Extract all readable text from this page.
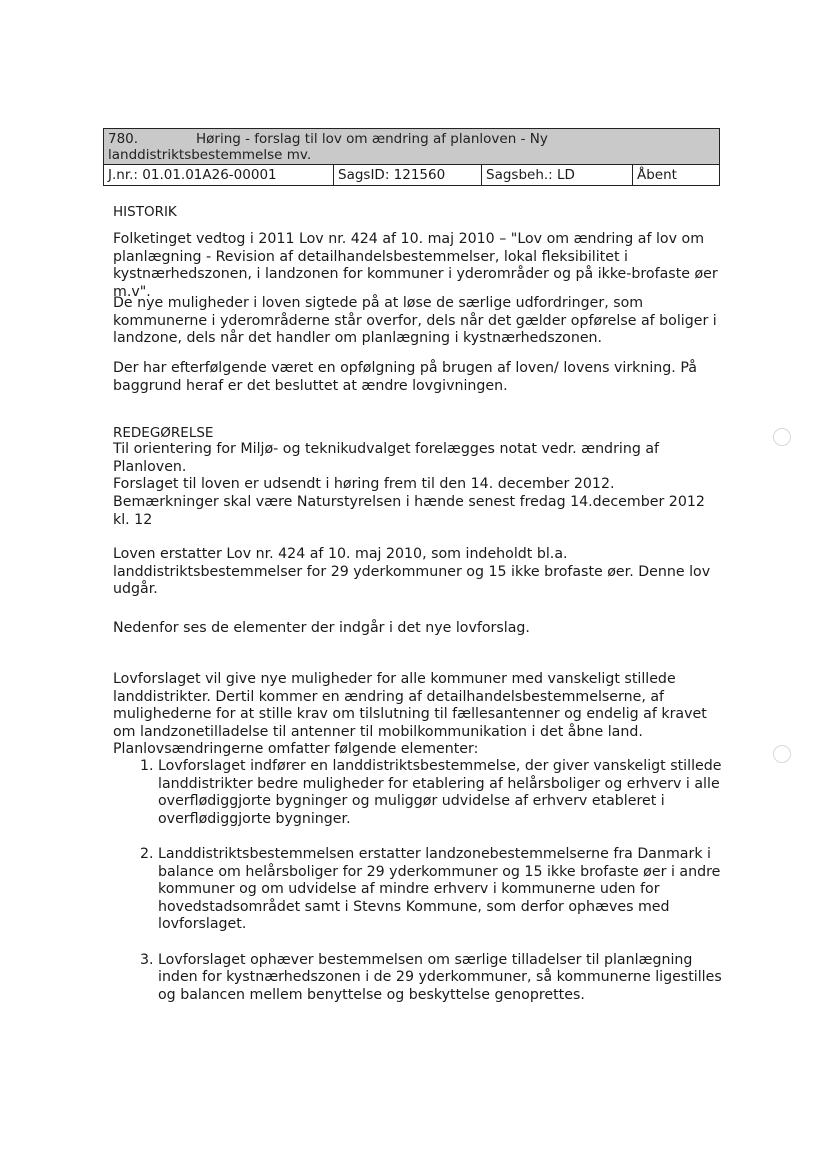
780.	Høring - forslag til lov om ændring af planloven - Ny landdistriktsbestemmelse mv.
J.nr.: 01.01.01A26-00001	SagsID: 121560	Sagsbeh.: LD	Åbent
HISTORIK

Folketinget vedtog i 2011 Lov nr. 424 af 10. maj 2010 – "Lov om ændring af lov om planlægning - Revision af detailhandelsbestemmelser, lokal fleksibilitet i kystnærhedszonen, i landzonen for kommuner i yderområder og på ikke-brofaste øer m.v".

De nye muligheder i loven sigtede på at løse de særlige udfordringer, som kommunerne i yderområderne står overfor, dels når det gælder opførelse af boliger i landzone, dels når det handler om planlægning i kystnærhedszonen.

Der har efterfølgende været en opfølgning på brugen af loven/ lovens virkning. På baggrund heraf er det besluttet at ændre lovgivningen.

REDEGØRELSE

Til orientering for Miljø- og teknikudvalget forelægges notat vedr. ændring af Planloven.

Forslaget til loven er udsendt i høring frem til den 14. december 2012.

Bemærkninger skal være Naturstyrelsen i hænde senest fredag 14.december 2012 kl. 12

Loven erstatter Lov nr. 424 af 10. maj 2010, som indeholdt bl.a. landdistriktsbestemmelser for 29 yderkommuner og 15 ikke brofaste øer. Denne lov udgår.

Nedenfor ses de elementer der indgår i det nye lovforslag.

Lovforslaget vil give nye muligheder for alle kommuner med vanskeligt stillede landdistrikter. Dertil kommer en ændring af detailhandelsbestemmelserne, af mulighederne for at stille krav om tilslutning til fællesantenner og endelig af kravet om landzonetilladelse til antenner til mobilkommunikation i det åbne land.

Planlovsændringerne omfatter følgende elementer:

1. Lovforslaget indfører en landdistriktsbestemmelse, der giver vanskeligt stillede landdistrikter bedre muligheder for etablering af helårsboliger og erhverv i alle overflødiggjorte bygninger og muliggør udvidelse af erhverv etableret i overflødiggjorte bygninger.
2. Landdistriktsbestemmelsen erstatter landzonebestemmelserne fra Danmark i balance om helårsboliger for 29 yderkommuner og 15 ikke brofaste øer i andre kommuner og om udvidelse af mindre erhverv i kommunerne uden for hovedstadsområdet samt i Stevns Kommune, som derfor ophæves med lovforslaget.
3. Lovforslaget ophæver bestemmelsen om særlige tilladelser til planlægning inden for kystnærhedszonen i de 29 yderkommuner, så kommunerne ligestilles og balancen mellem benyttelse og beskyttelse genoprettes.
